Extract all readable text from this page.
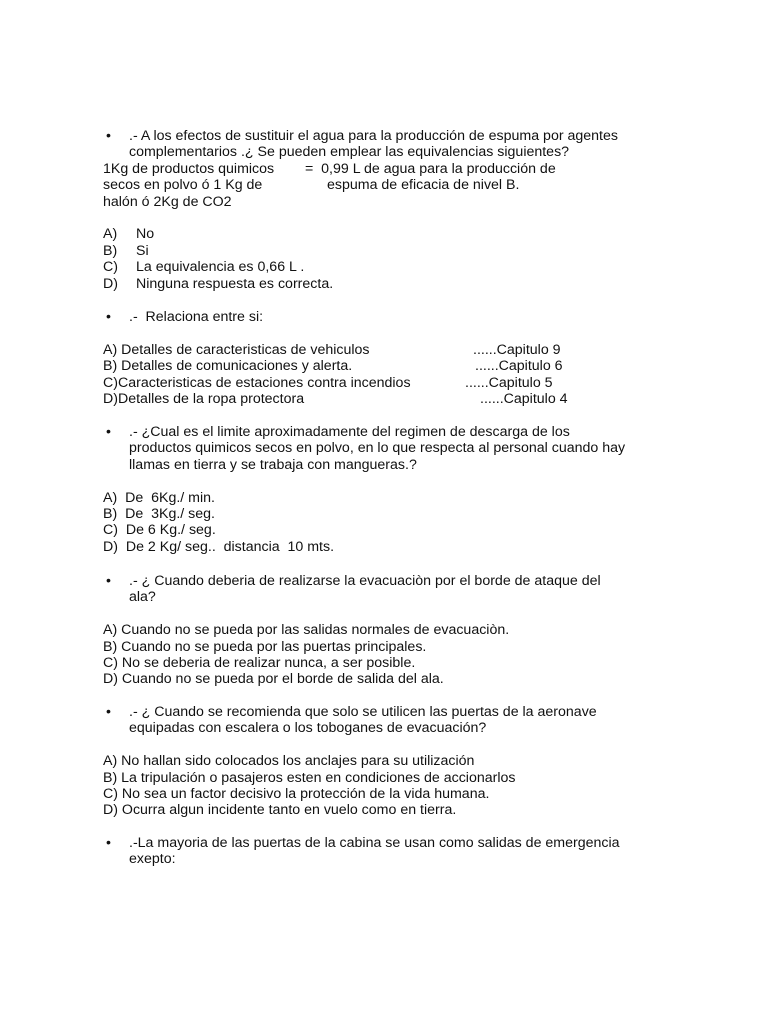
•	.- A los efectos de sustituir el agua para la producción de espuma por agentes
complementarios .¿ Se pueden emplear las equivalencias siguientes?
1Kg de productos quimicos =  0,99 L de agua para la producción de
secos en polvo ó 1 Kg de	espuma de eficacia de nivel B.
halón ó 2Kg de CO2
A) No
B) Si
C) La equivalencia es 0,66 L .
D) Ninguna respuesta es correcta.
•	.-  Relaciona entre si:
A) Detalles de caracteristicas de vehiculos	......Capitulo 9
B) Detalles de comunicaciones y alerta.	......Capitulo 6
C)Caracteristicas de estaciones contra incendios	......Capitulo 5
D)Detalles de la ropa protectora	......Capitulo 4
•	.- ¿Cual es el limite aproximadamente del regimen de descarga de los
productos quimicos secos en polvo, en lo que respecta al personal cuando hay
llamas en tierra y se trabaja con mangueras.?
A)  De  6Kg./ min.
B)  De  3Kg./ seg.
C)  De 6 Kg./ seg.
D)  De 2 Kg/ seg..  distancia  10 mts.
•	.- ¿ Cuando deberia de realizarse la evacuaciòn por el borde de ataque del
ala?
A) Cuando no se pueda por las salidas normales de evacuaciòn.
B) Cuando no se pueda por las puertas principales.
C) No se deberia de realizar nunca, a ser posible.
D) Cuando no se pueda por el borde de salida del ala.
•	.- ¿ Cuando se recomienda que solo se utilicen las puertas de la aeronave
equipadas con escalera o los toboganes de evacuación?
A) No hallan sido colocados los anclajes para su utilización
B) La tripulación o pasajeros esten en condiciones de accionarlos
C) No sea un factor decisivo la protección de la vida humana.
D) Ocurra algun incidente tanto en vuelo como en tierra.
•	.-La mayoria de las puertas de la cabina se usan como salidas de emergencia
exepto:
